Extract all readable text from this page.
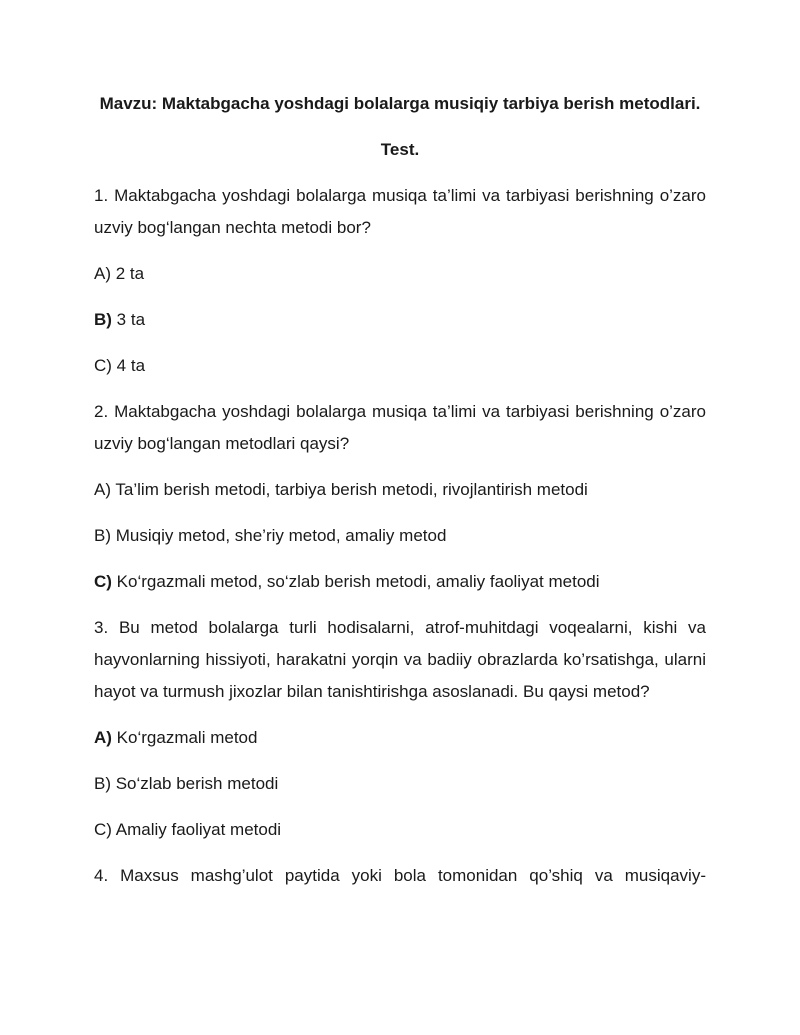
Mavzu: Maktabgacha yoshdagi bolalarga musiqiy tarbiya berish metodlari.

Test.

1. Maktabgacha yoshdagi bolalarga musiqa ta’limi va tarbiyasi berishning o’zaro uzviy bog‘langan nechta metodi bor?

A) 2 ta

B) 3 ta

C) 4 ta

2. Maktabgacha yoshdagi bolalarga musiqa ta’limi va tarbiyasi berishning o’zaro uzviy bog‘langan metodlari qaysi?

A) Ta’lim berish metodi, tarbiya berish metodi, rivojlantirish metodi

B) Musiqiy metod, she’riy metod, amaliy metod

C) Ko‘rgazmali metod, so‘zlab berish metodi, amaliy faoliyat metodi

3. Bu metod bolalarga turli hodisalarni, atrof-muhitdagi voqealarni, kishi va hayvonlarning hissiyoti, harakatni yorqin va badiiy obrazlarda ko’rsatishga, ularni hayot va turmush jixozlar bilan tanishtirishga asoslanadi. Bu qaysi metod?

A) Ko‘rgazmali metod

B) So‘zlab berish metodi

C) Amaliy faoliyat metodi

4. Maxsus mashg’ulot paytida yoki bola tomonidan qo’shiq va musiqaviy-
